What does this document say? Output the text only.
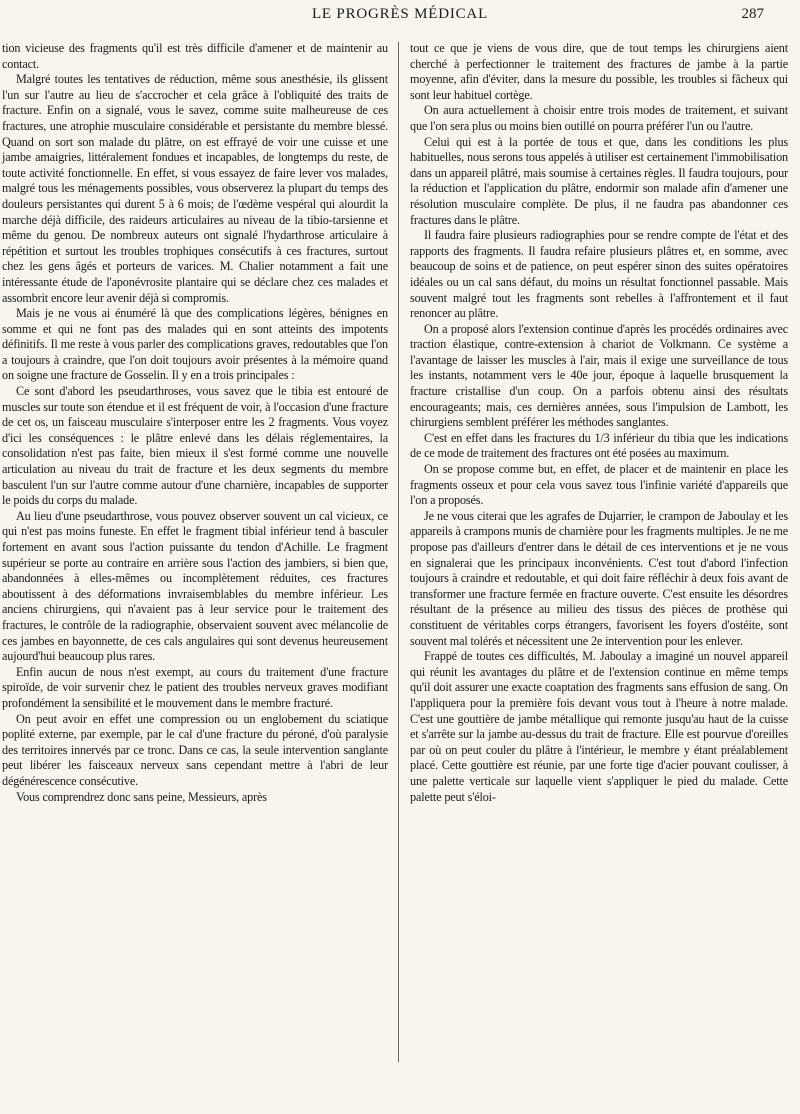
LE PROGRÈS MÉDICAL	287

tion vicieuse des fragments qu'il est très difficile d'amener et de maintenir au contact.

Malgré toutes les tentatives de réduction, même sous anesthésie, ils glissent l'un sur l'autre au lieu de s'accrocher et cela grâce à l'obliquité des traits de fracture. Enfin on a signalé, vous le savez, comme suite malheureuse de ces fractures, une atrophie musculaire considérable et persistante du membre blessé. Quand on sort son malade du plâtre, on est effrayé de voir une cuisse et une jambe amaigries, littéralement fondues et incapables, de longtemps du reste, de toute activité fonctionnelle. En effet, si vous essayez de faire lever vos malades, malgré tous les ménagements possibles, vous observerez la plupart du temps des douleurs persistantes qui durent 5 à 6 mois; de l'œdème vespéral qui alourdit la marche déjà difficile, des raideurs articulaires au niveau de la tibio-tarsienne et même du genou. De nombreux auteurs ont signalé l'hydarthrose articulaire à répétition et surtout les troubles trophiques consécutifs à ces fractures, surtout chez les gens âgés et porteurs de varices. M. Chalier notamment a fait une intéressante étude de l'aponévrosite plantaire qui se déclare chez ces malades et assombrit encore leur avenir déjà si compromis.

Mais je ne vous ai énuméré là que des complications légères, bénignes en somme et qui ne font pas des malades qui en sont atteints des impotents définitifs. Il me reste à vous parler des complications graves, redoutables que l'on a toujours à craindre, que l'on doit toujours avoir présentes à la mémoire quand on soigne une fracture de Gosselin. Il y en a trois principales :

Ce sont d'abord les pseudarthroses, vous savez que le tibia est entouré de muscles sur toute son étendue et il est fréquent de voir, à l'occasion d'une fracture de cet os, un faisceau musculaire s'interposer entre les 2 fragments. Vous voyez d'ici les conséquences : le plâtre enlevé dans les délais réglementaires, la consolidation n'est pas faite, bien mieux il s'est formé comme une nouvelle articulation au niveau du trait de fracture et les deux segments du membre basculent l'un sur l'autre comme autour d'une charnière, incapables de supporter le poids du corps du malade.

Au lieu d'une pseudarthrose, vous pouvez observer souvent un cal vicieux, ce qui n'est pas moins funeste. En effet le fragment tibial inférieur tend à basculer fortement en avant sous l'action puissante du tendon d'Achille. Le fragment supérieur se porte au contraire en arrière sous l'action des jambiers, si bien que, abandonnées à elles-mêmes ou incomplètement réduites, ces fractures aboutissent à des déformations invraisemblables du membre inférieur. Les anciens chirurgiens, qui n'avaient pas à leur service pour le traitement des fractures, le contrôle de la radiographie, observaient souvent avec mélancolie de ces jambes en bayonnette, de ces cals angulaires qui sont devenus heureusement aujourd'hui beaucoup plus rares.

Enfin aucun de nous n'est exempt, au cours du traitement d'une fracture spiroïde, de voir survenir chez le patient des troubles nerveux graves modifiant profondément la sensibilité et le mouvement dans le membre fracturé.

On peut avoir en effet une compression ou un englobement du sciatique poplité externe, par exemple, par le cal d'une fracture du péroné, d'où paralysie des territoires innervés par ce tronc. Dans ce cas, la seule intervention sanglante peut libérer les faisceaux nerveux sans cependant mettre à l'abri de leur dégénérescence consécutive.

Vous comprendrez donc sans peine, Messieurs, après

tout ce que je viens de vous dire, que de tout temps les chirurgiens aient cherché à perfectionner le traitement des fractures de jambe à la partie moyenne, afin d'éviter, dans la mesure du possible, les troubles si fâcheux qui sont leur habituel cortège.

On aura actuellement à choisir entre trois modes de traitement, et suivant que l'on sera plus ou moins bien outillé on pourra préférer l'un ou l'autre.

Celui qui est à la portée de tous et que, dans les conditions les plus habituelles, nous serons tous appelés à utiliser est certainement l'immobilisation dans un appareil plâtré, mais soumise à certaines règles. Il faudra toujours, pour la réduction et l'application du plâtre, endormir son malade afin d'amener une résolution musculaire complète. De plus, il ne faudra pas abandonner ces fractures dans le plâtre.

Il faudra faire plusieurs radiographies pour se rendre compte de l'état et des rapports des fragments. Il faudra refaire plusieurs plâtres et, en somme, avec beaucoup de soins et de patience, on peut espérer sinon des suites opératoires idéales ou un cal sans défaut, du moins un résultat fonctionnel passable. Mais souvent malgré tout les fragments sont rebelles à l'affrontement et il faut renoncer au plâtre.

On a proposé alors l'extension continue d'après les procédés ordinaires avec traction élastique, contre-extension à chariot de Volkmann. Ce système a l'avantage de laisser les muscles à l'air, mais il exige une surveillance de tous les instants, notamment vers le 40e jour, époque à laquelle brusquement la fracture cristallise d'un coup. On a parfois obtenu ainsi des résultats encourageants; mais, ces dernières années, sous l'impulsion de Lambott, les chirurgiens semblent préférer les méthodes sanglantes.

C'est en effet dans les fractures du 1/3 inférieur du tibia que les indications de ce mode de traitement des fractures ont été posées au maximum.

On se propose comme but, en effet, de placer et de maintenir en place les fragments osseux et pour cela vous savez tous l'infinie variété d'appareils que l'on a proposés.

Je ne vous citerai que les agrafes de Dujarrier, le crampon de Jaboulay et les appareils à crampons munis de charnière pour les fragments multiples. Je ne me propose pas d'ailleurs d'entrer dans le détail de ces interventions et je ne vous en signalerai que les principaux inconvénients. C'est tout d'abord l'infection toujours à craindre et redoutable, et qui doit faire réfléchir à deux fois avant de transformer une fracture fermée en fracture ouverte. C'est ensuite les désordres résultant de la présence au milieu des tissus des pièces de prothèse qui constituent de véritables corps étrangers, favorisent les foyers d'ostéite, sont souvent mal tolérés et nécessitent une 2e intervention pour les enlever.

Frappé de toutes ces difficultés, M. Jaboulay a imaginé un nouvel appareil qui réunit les avantages du plâtre et de l'extension continue en même temps qu'il doit assurer une exacte coaptation des fragments sans effusion de sang. On l'appliquera pour la première fois devant vous tout à l'heure à notre malade. C'est une gouttière de jambe métallique qui remonte jusqu'au haut de la cuisse et s'arrête sur la jambe au-dessus du trait de fracture. Elle est pourvue d'oreilles par où on peut couler du plâtre à l'intérieur, le membre y étant préalablement placé. Cette gouttière est réunie, par une forte tige d'acier pouvant coulisser, à une palette verticale sur laquelle vient s'appliquer le pied du malade. Cette palette peut s'éloi-
